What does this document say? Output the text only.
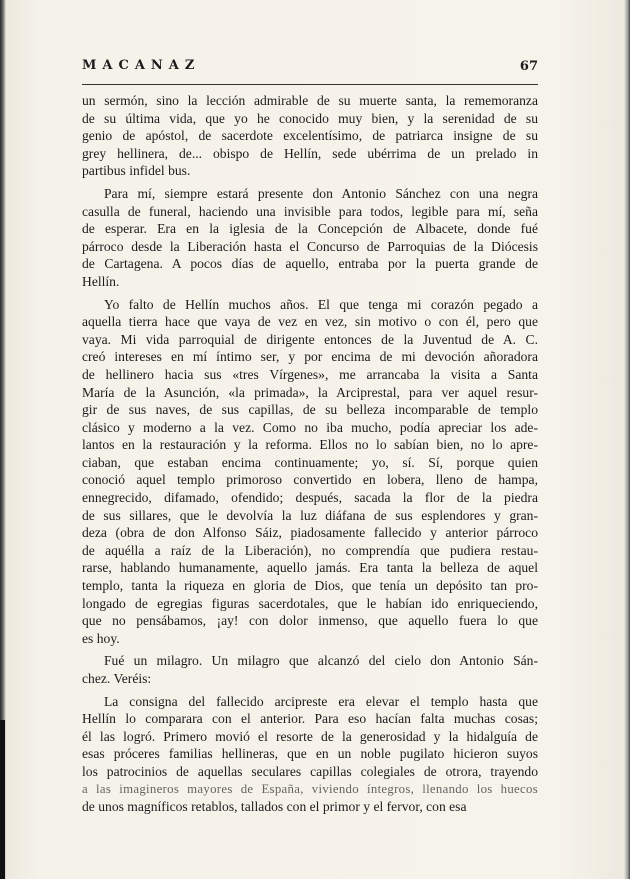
MACANAZ	67
un sermón, sino la lección admirable de su muerte santa, la rememoranza
de su última vida, que yo he conocido muy bien, y la serenidad de su
genio de apóstol, de sacerdote excelentísimo, de patriarca insigne de su
grey hellinera, de... obispo de Hellín, sede ubérrima de un prelado in
partibus infidel bus.
Para mí, siempre estará presente don Antonio Sánchez con una negra
casulla de funeral, haciendo una invisible para todos, legible para mí, seña
de esperar. Era en la iglesia de la Concepción de Albacete, donde fué
párroco desde la Liberación hasta el Concurso de Parroquias de la Diócesis
de Cartagena. A pocos días de aquello, entraba por la puerta grande de
Hellín.
Yo falto de Hellín muchos años. El que tenga mi corazón pegado a
aquella tierra hace que vaya de vez en vez, sin motivo o con él, pero que
vaya. Mi vida parroquial de dirigente entonces de la Juventud de A. C.
creó intereses en mí íntimo ser, y por encima de mi devoción añoradora
de hellinero hacia sus «tres Vírgenes», me arrancaba la visita a Santa
María de la Asunción, «la primada», la Arciprestal, para ver aquel resur-
gir de sus naves, de sus capillas, de su belleza incomparable de templo
clásico y moderno a la vez. Como no iba mucho, podía apreciar los ade-
lantos en la restauración y la reforma. Ellos no lo sabían bien, no lo apre-
ciaban, que estaban encima continuamente; yo, sí. Sí, porque quien
conoció aquel templo primoroso convertido en lobera, lleno de hampa,
ennegrecido, difamado, ofendido; después, sacada la flor de la piedra
de sus sillares, que le devolvía la luz diáfana de sus esplendores y gran-
deza (obra de don Alfonso Sáiz, piadosamente fallecido y anterior párroco
de aquélla a raíz de la Liberación), no comprendía que pudiera restau-
rarse, hablando humanamente, aquello jamás. Era tanta la belleza de aquel
templo, tanta la riqueza en gloria de Dios, que tenía un depósito tan pro-
longado de egregias figuras sacerdotales, que le habían ido enriqueciendo,
que no pensábamos, ¡ay! con dolor inmenso, que aquello fuera lo que
es hoy.
Fué un milagro. Un milagro que alcanzó del cielo don Antonio Sán-
chez. Veréis:
La consigna del fallecido arcipreste era elevar el templo hasta que
Hellín lo comparara con el anterior. Para eso hacían falta muchas cosas;
él las logró. Primero movió el resorte de la generosidad y la hidalguía de
esas próceres familias hellineras, que en un noble pugilato hicieron suyos
los patrocinios de aquellas seculares capillas colegiales de otrora, trayendo
a las imagineros mayores de España, viviendo íntegros, llenando los huecos
de unos magníficos retablos, tallados con el primor y el fervor, con esa
